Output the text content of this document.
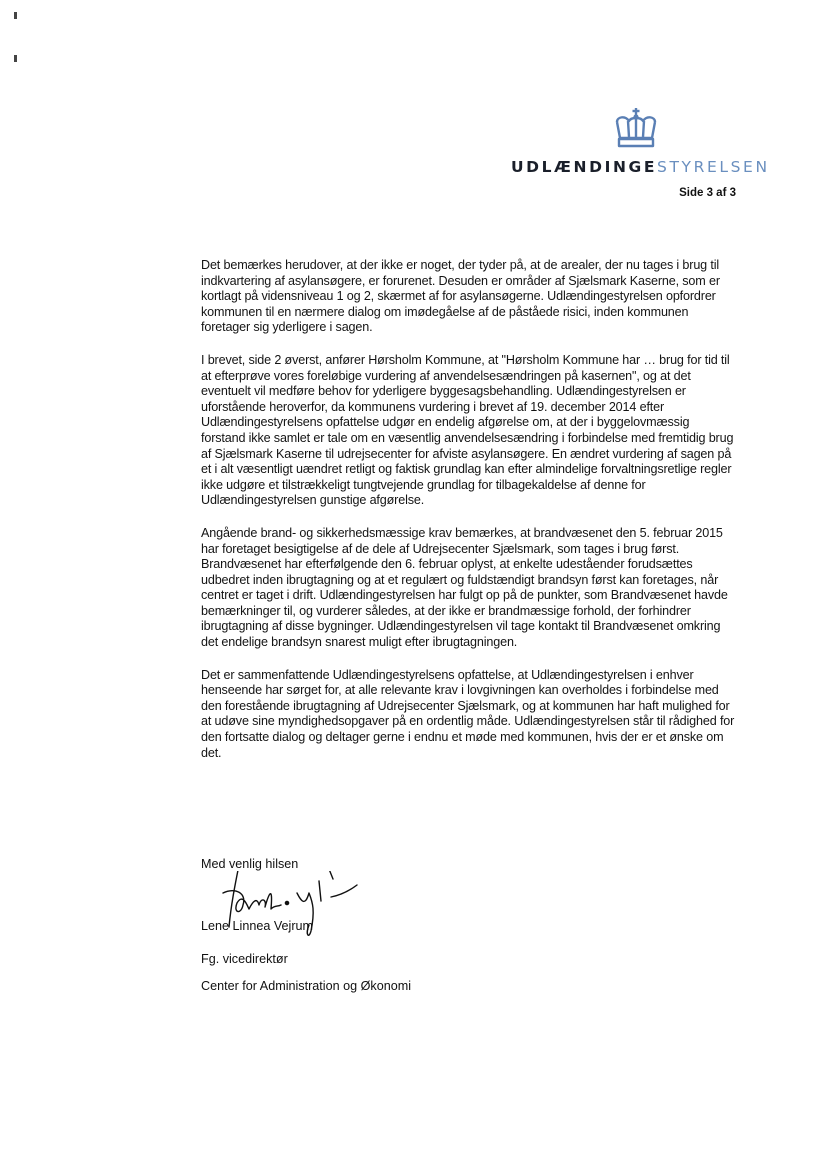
UDLÆNDINGESTYRELSEN
Side 3 af 3

Det bemærkes herudover, at der ikke er noget, der tyder på, at de arealer, der nu tages i brug til indkvartering af asylansøgere, er forurenet. Desuden er områder af Sjælsmark Kaserne, som er kortlagt på vidensniveau 1 og 2, skærmet af for asylansøgerne. Udlændingestyrelsen opfordrer kommunen til en nærmere dialog om imødegåelse af de påståede risici, inden kommunen foretager sig yderligere i sagen.

I brevet, side 2 øverst, anfører Hørsholm Kommune, at "Hørsholm Kommune har … brug for tid til at efterprøve vores foreløbige vurdering af anvendelsesændringen på kasernen", og at det eventuelt vil medføre behov for yderligere byggesagsbehandling. Udlændingestyrelsen er uforstående heroverfor, da kommunens vurdering i brevet af 19. december 2014 efter Udlændingestyrelsens opfattelse udgør en endelig afgørelse om, at der i byggelovmæssig forstand ikke samlet er tale om en væsentlig anvendelsesændring i forbindelse med fremtidig brug af Sjælsmark Kaserne til udrejsecenter for afviste asylansøgere. En ændret vurdering af sagen på et i alt væsentligt uændret retligt og faktisk grundlag kan efter almindelige forvaltningsretlige regler ikke udgøre et tilstrækkeligt tungtvejende grundlag for tilbagekaldelse af denne for Udlændingestyrelsen gunstige afgørelse.

Angående brand- og sikkerhedsmæssige krav bemærkes, at brandvæsenet den 5. februar 2015 har foretaget besigtigelse af de dele af Udrejsecenter Sjælsmark, som tages i brug først. Brandvæsenet har efterfølgende den 6. februar oplyst, at enkelte udeståender forudsættes udbedret inden ibrugtagning og at et regulært og fuldstændigt brandsyn først kan foretages, når centret er taget i drift. Udlændingestyrelsen har fulgt op på de punkter, som Brandvæsenet havde bemærkninger til, og vurderer således, at der ikke er brandmæssige forhold, der forhindrer ibrugtagning af disse bygninger. Udlændingestyrelsen vil tage kontakt til Brandvæsenet omkring det endelige brandsyn snarest muligt efter ibrugtagningen.

Det er sammenfattende Udlændingestyrelsens opfattelse, at Udlændingestyrelsen i enhver henseende har sørget for, at alle relevante krav i lovgivningen kan overholdes i forbindelse med den forestående ibrugtagning af Udrejsecenter Sjælsmark, og at kommunen har haft mulighed for at udøve sine myndighedsopgaver på en ordentlig måde. Udlændingestyrelsen står til rådighed for den fortsatte dialog og deltager gerne i endnu et møde med kommunen, hvis der er et ønske om det.

Med venlig hilsen
Lene Linnea Vejrum
Fg. vicedirektør
Center for Administration og Økonomi
